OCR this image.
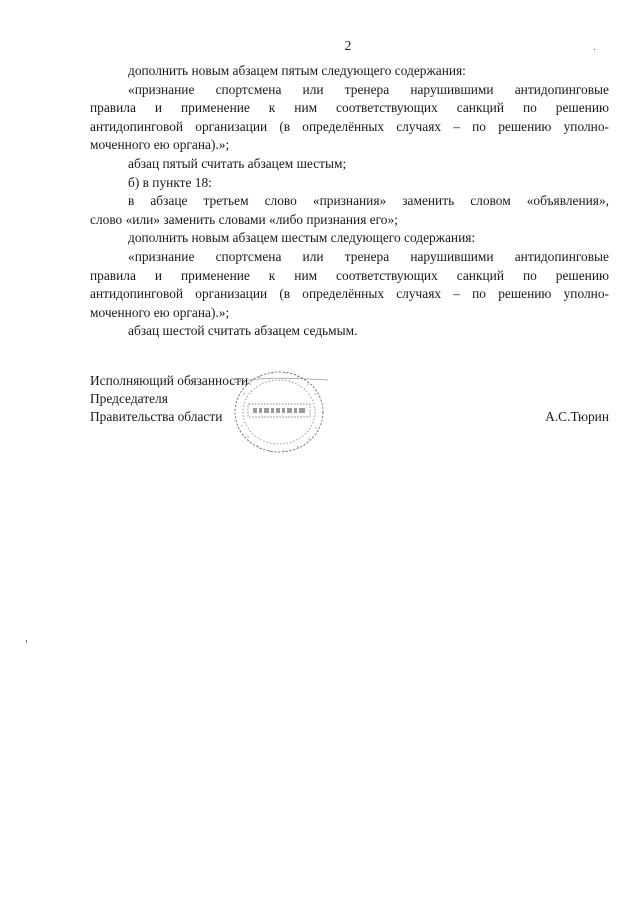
2

дополнить новым абзацем пятым следующего содержания:

«признание спортсмена или тренера нарушившими антидопинговые
правила и применение к ним соответствующих санкций по решению
антидопинговой организации (в определённых случаях – по решению уполно-
моченного ею органа).»;

абзац пятый считать абзацем шестым;

б) в пункте 18:

в абзаце третьем слово «признания» заменить словом «объявления»,
слово «или» заменить словами «либо признания его»;

дополнить новым абзацем шестым следующего содержания:

«признание спортсмена или тренера нарушившими антидопинговые
правила и применение к ним соответствующих санкций по решению
антидопинговой организации (в определённых случаях – по решению уполно-
моченного ею органа).»;

абзац шестой считать абзацем седьмым.

Исполняющий обязанности
Председателя
Правительства области	А.С.Тюрин
